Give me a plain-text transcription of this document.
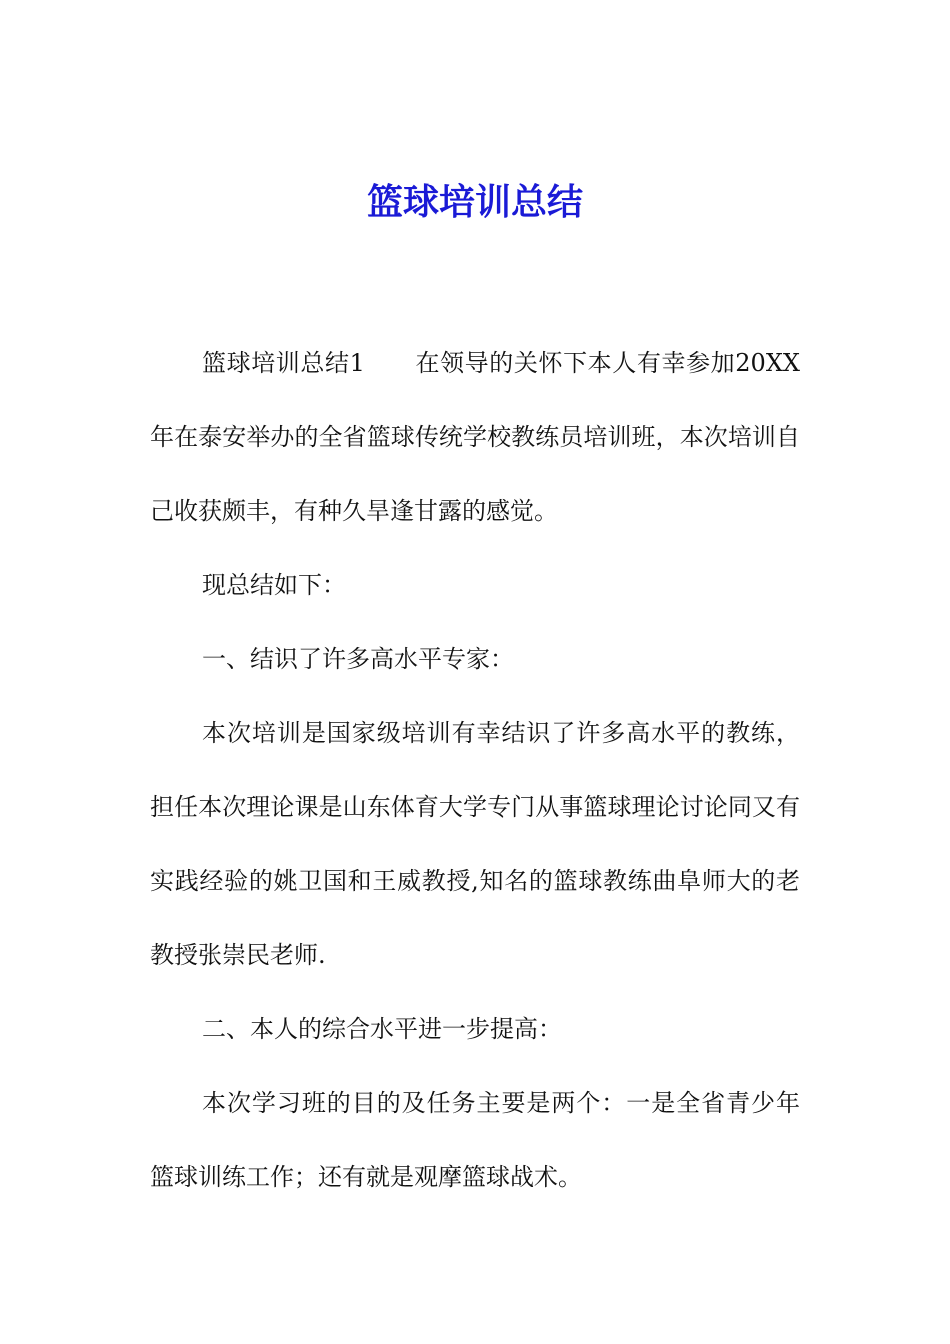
篮球培训总结

篮球培训总结1 在领导的关怀下本人有幸参加20XX年在泰安举办的全省篮球传统学校教练员培训班，本次培训自己收获颇丰，有种久旱逢甘露的感觉。

现总结如下：

一、结识了许多高水平专家：

本次培训是国家级培训有幸结识了许多高水平的教练，担任本次理论课是山东体育大学专门从事篮球理论讨论同又有实践经验的姚卫国和王威教授,知名的篮球教练曲阜师大的老教授张崇民老师.

二、本人的综合水平进一步提高：

本次学习班的目的及任务主要是两个：一是全省青少年篮球训练工作；还有就是观摩篮球战术。
